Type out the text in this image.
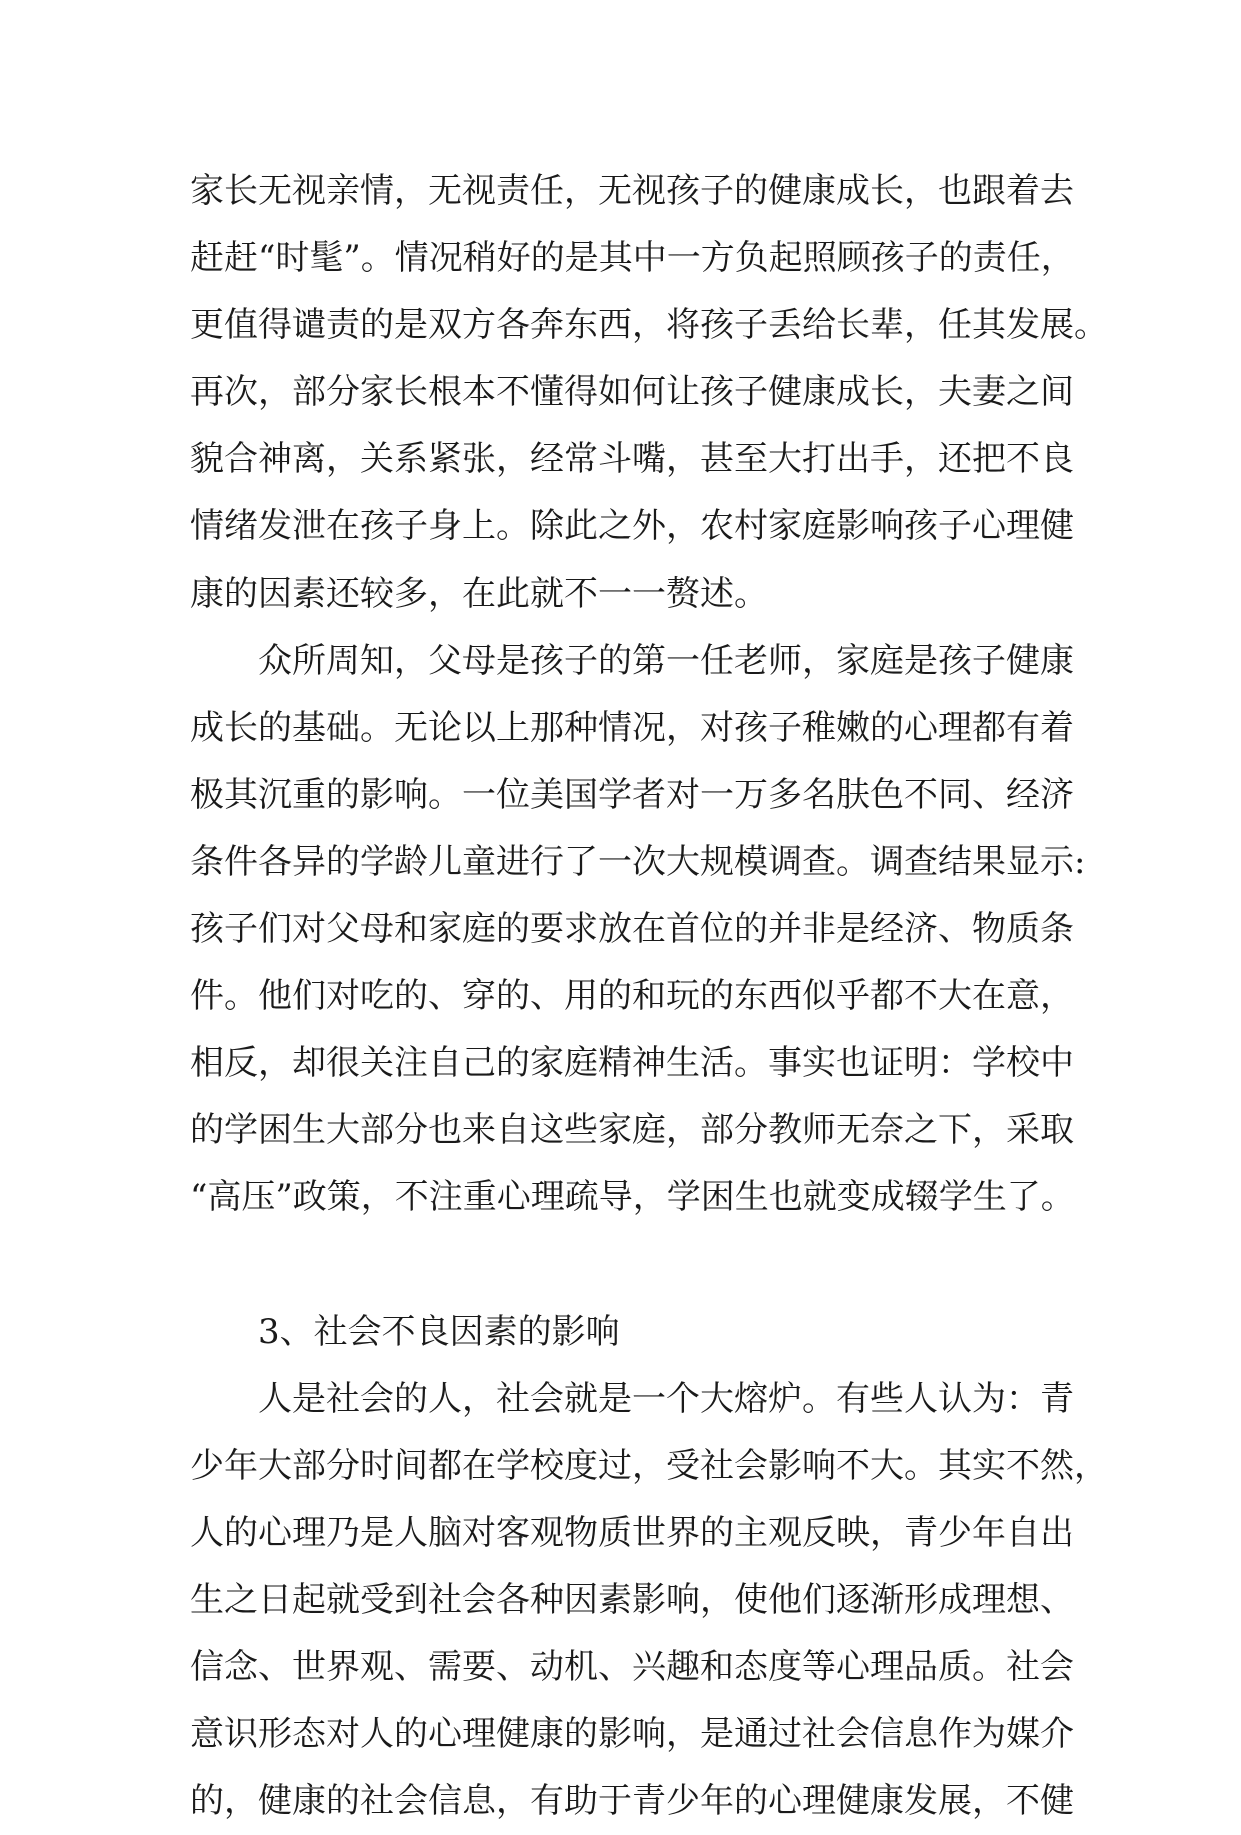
家长无视亲情，无视责任，无视孩子的健康成长，也跟着去
赶赶“时髦”。情况稍好的是其中一方负起照顾孩子的责任，
更值得谴责的是双方各奔东西，将孩子丢给长辈，任其发展。
再次，部分家长根本不懂得如何让孩子健康成长，夫妻之间
貌合神离，关系紧张，经常斗嘴，甚至大打出手，还把不良
情绪发泄在孩子身上。除此之外，农村家庭影响孩子心理健
康的因素还较多，在此就不一一赘述。
众所周知，父母是孩子的第一任老师，家庭是孩子健康
成长的基础。无论以上那种情况，对孩子稚嫩的心理都有着
极其沉重的影响。一位美国学者对一万多名肤色不同、经济
条件各异的学龄儿童进行了一次大规模调查。调查结果显示:
孩子们对父母和家庭的要求放在首位的并非是经济、物质条
件。他们对吃的、穿的、用的和玩的东西似乎都不大在意，
相反，却很关注自己的家庭精神生活。事实也证明：学校中
的学困生大部分也来自这些家庭，部分教师无奈之下，采取
“高压”政策，不注重心理疏导，学困生也就变成辍学生了。
3、社会不良因素的影响
人是社会的人，社会就是一个大熔炉。有些人认为：青
少年大部分时间都在学校度过，受社会影响不大。其实不然，
人的心理乃是人脑对客观物质世界的主观反映，青少年自出
生之日起就受到社会各种因素影响，使他们逐渐形成理想、
信念、世界观、需要、动机、兴趣和态度等心理品质。社会
意识形态对人的心理健康的影响，是通过社会信息作为媒介
的，健康的社会信息，有助于青少年的心理健康发展，不健
